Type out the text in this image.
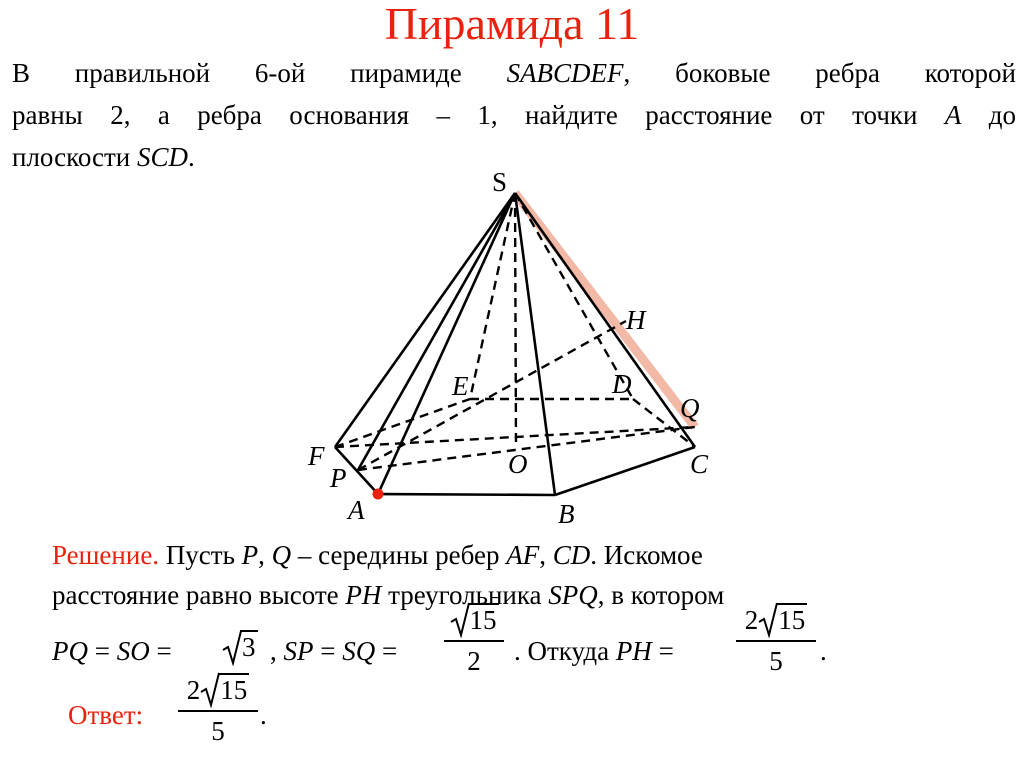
Пирамида 11
В правильной 6-ой пирамиде SABCDEF, боковые ребра которой
равны 2, а ребра основания – 1, найдите расстояние от точки A до
плоскости SCD.
S
H
E	D
Q
F	O	C
P
A	B
Решение. Пусть P, Q – середины ребер AF, CD. Искомое
расстояние равно высоте PH треугольника SPQ, в котором
PQ = SO =	3 , SP = SQ =
15
2	. Откуда PH =
2 15
5	.
Ответ:
2 15
5
.
